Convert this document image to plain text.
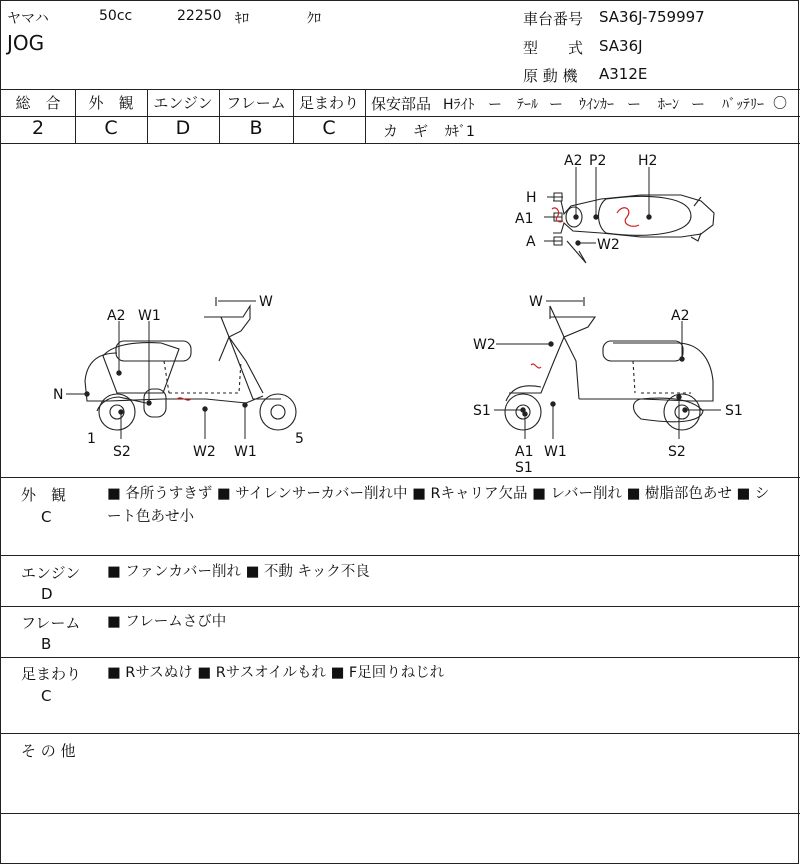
ヤマハ	50cc	22250 ｷﾛ	ｸﾛ
JOG
車台番号 SA36J-759997
型　　式 SA36J
原 動 機 A312E
総　合	外　観	エンジン フレーム 足まわり
2	C	D	B	C
保安部品 Hﾗｲﾄ ー ﾃｰﾙ ー ｳｲﾝｶｰ ー ﾎｰﾝ ー ﾊﾞｯﾃﾘｰ 〇
カ　ギ ｶｷﾞ1
A2 P2 H2
H
A1
A	W2
W
A2 W1
N
1
S2	W2 W1
5
W
A2
W2
S1	S1
A1
S1
W1	S2
外　観
C
■ 各所うすきず ■ サイレンサーカバー削れ中 ■ Rキャリア欠品 ■ レバー削れ ■ 樹脂部色あせ ■ シ
ート色あせ小
エンジン
D
■ ファンカバー削れ ■ 不動 キック不良
フレーム
B
■ フレームさび中
足まわり
C
■ Rサスぬけ ■ Rサスオイルもれ ■ F足回りねじれ
そ の 他
